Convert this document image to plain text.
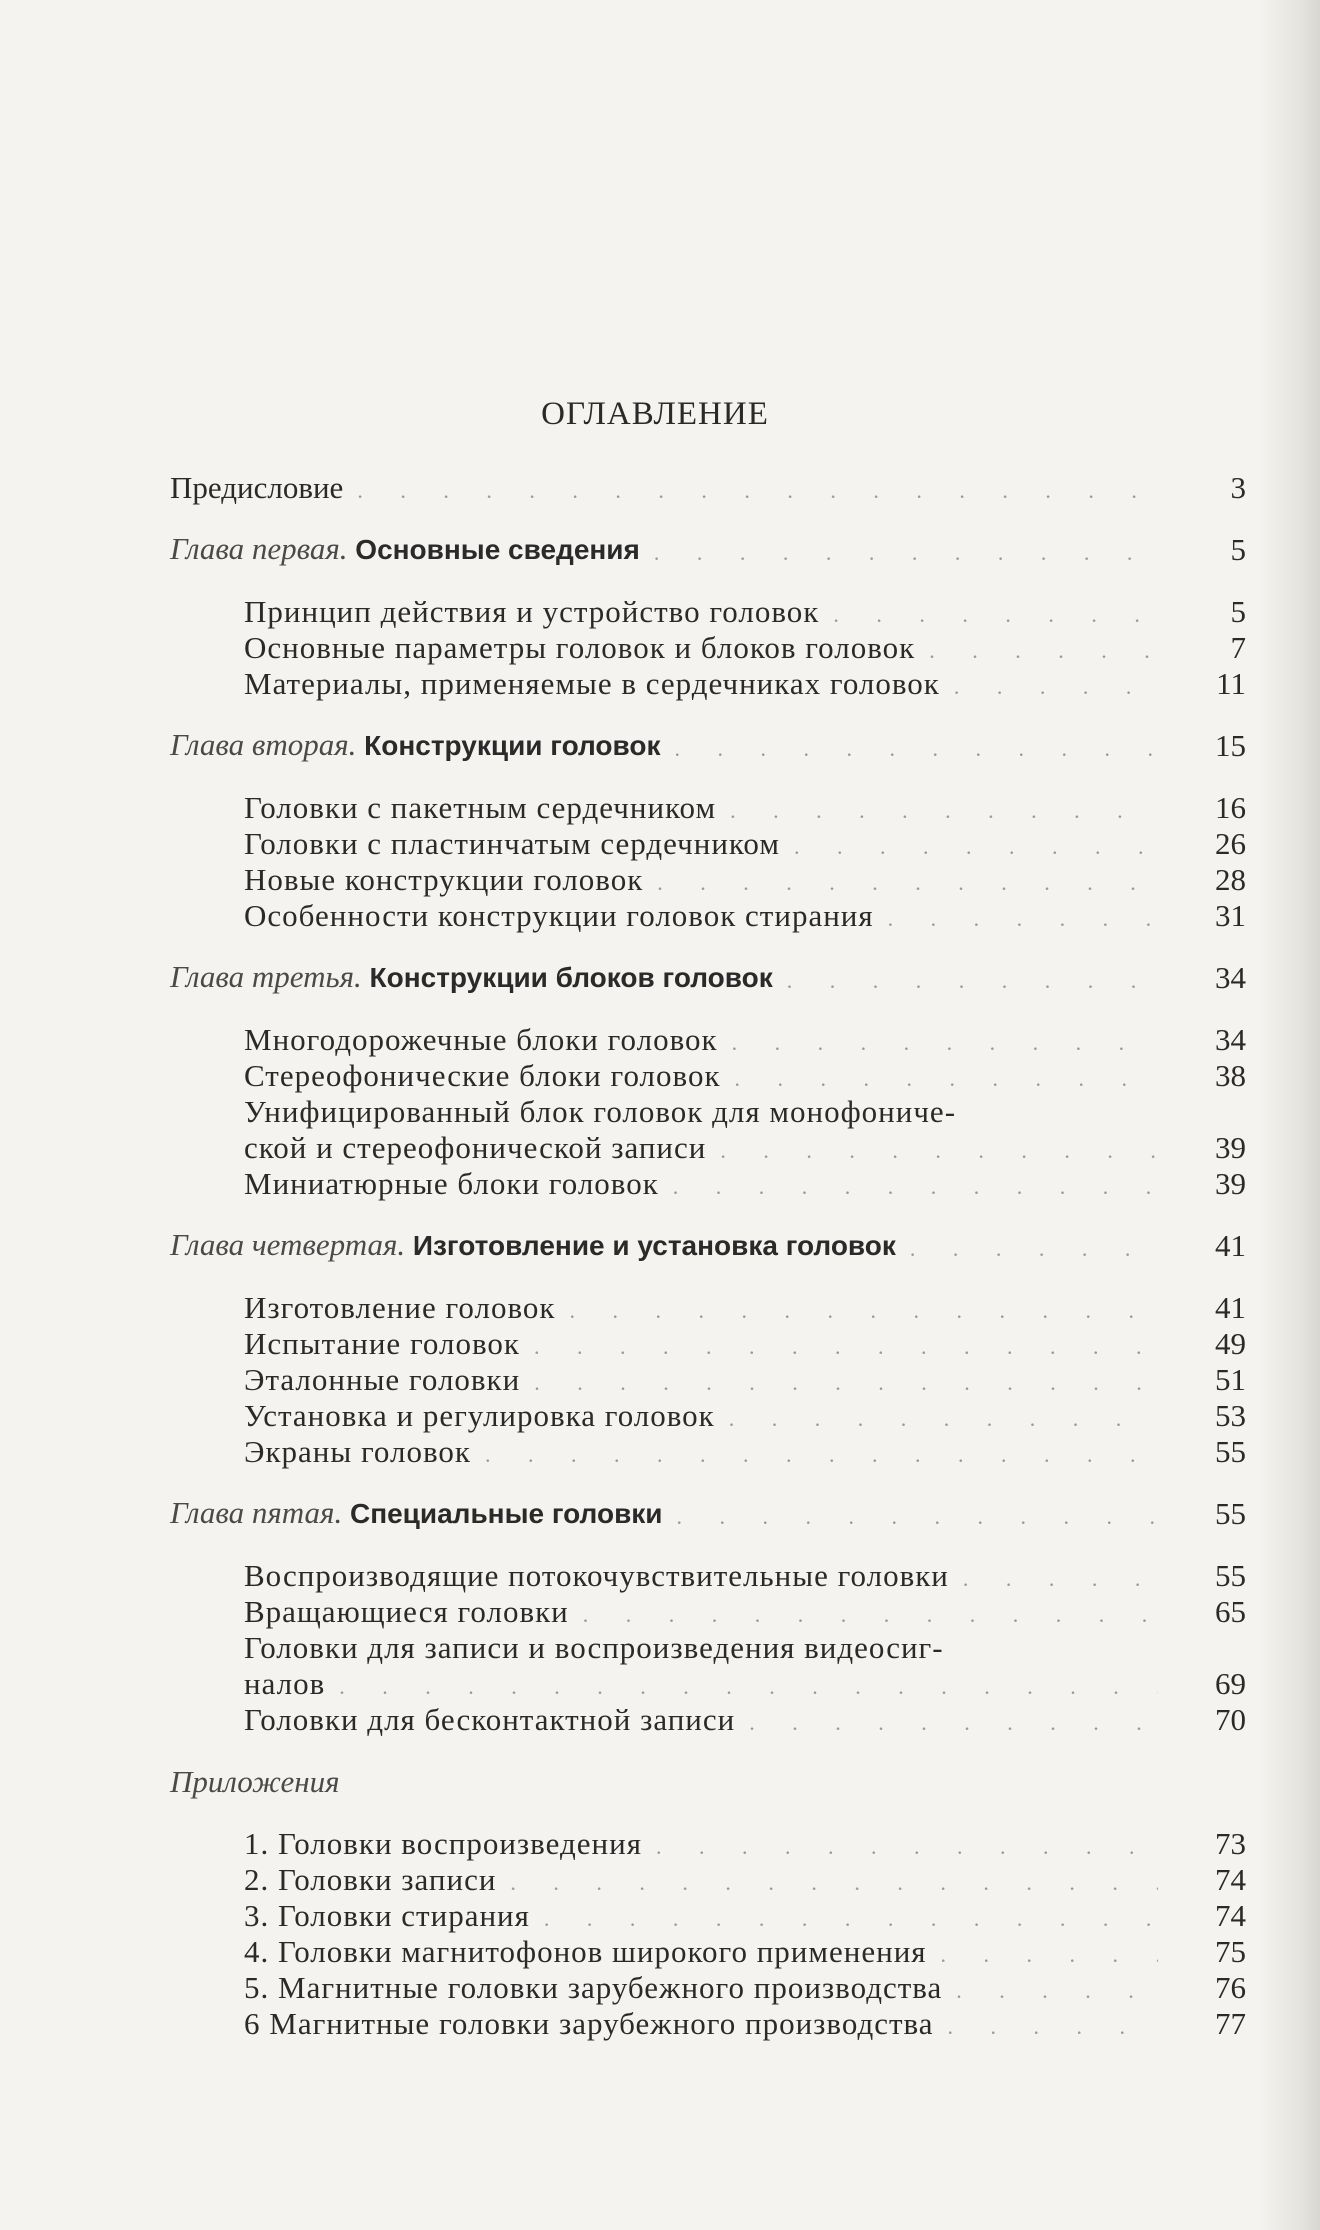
ОГЛАВЛЕНИЕ
Предисловие . . .	3
Глава первая. Основные сведения . . .	5
Принцип действия и устройство головок . . .	5
Основные параметры головок и блоков головок . . .	7
Материалы, применяемые в сердечниках головок . . .	11
Глава вторая. Конструкции головок . . .	15
Головки с пакетным сердечником . . .	16
Головки с пластинчатым сердечником . . .	26
Новые конструкции головок . . .	28
Особенности конструкции головок стирания . . .	31
Глава третья. Конструкции блоков головок . . .	34
Многодорожечные блоки головок . . .	34
Стереофонические блоки головок . . .	38
Унифицированный блок головок для монофониче-
ской и стереофонической записи . . .	39
Миниатюрные блоки головок . . .	39
Глава четвертая. Изготовление и установка головок . . .	41
Изготовление головок . . .	41
Испытание головок . . .	49
Эталонные головки . . .	51
Установка и регулировка головок . . .	53
Экраны головок . . .	55
Глава пятая. Специальные головки . . .	55
Воспроизводящие потокочувствительные головки . . .	55
Вращающиеся головки . . .	65
Головки для записи и воспроизведения видеосиг-
налов . . .	69
Головки для бесконтактной записи . . .	70
Приложения
1. Головки воспроизведения . . .	73
2. Головки записи . . .	74
3. Головки стирания . . .	74
4. Головки магнитофонов широкого применения . . .	75
5. Магнитные головки зарубежного производства . . .	76
6 Магнитные головки зарубежного производства . . .	77
